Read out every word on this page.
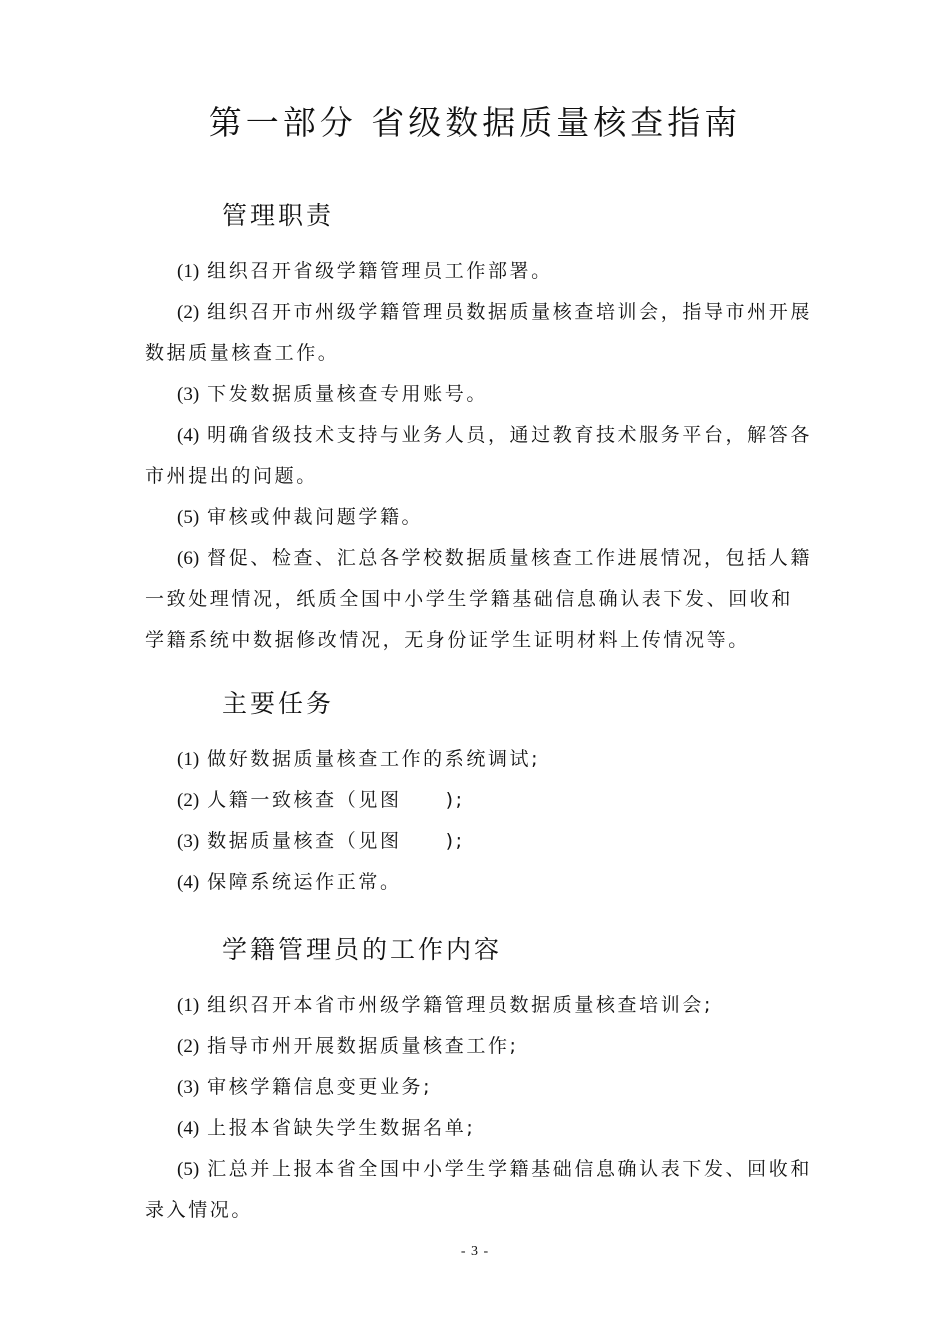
第一部分 省级数据质量核查指南
管理职责
(1) 组织召开省级学籍管理员工作部署。
(2) 组织召开市州级学籍管理员数据质量核查培训会，指导市州开展数据质量核查工作。
(3) 下发数据质量核查专用账号。
(4) 明确省级技术支持与业务人员，通过教育技术服务平台，解答各市州提出的问题。
(5) 审核或仲裁问题学籍。
(6) 督促、检查、汇总各学校数据质量核查工作进展情况，包括人籍一致处理情况，纸质全国中小学生学籍基础信息确认表下发、回收和学籍系统中数据修改情况，无身份证学生证明材料上传情况等。
主要任务
(1) 做好数据质量核查工作的系统调试;
(2) 人籍一致核查（见图 );
(3) 数据质量核查（见图 );
(4) 保障系统运作正常。
学籍管理员的工作内容
(1) 组织召开本省市州级学籍管理员数据质量核查培训会;
(2) 指导市州开展数据质量核查工作;
(3) 审核学籍信息变更业务;
(4) 上报本省缺失学生数据名单;
(5) 汇总并上报本省全国中小学生学籍基础信息确认表下发、回收和录入情况。
- 3 -
